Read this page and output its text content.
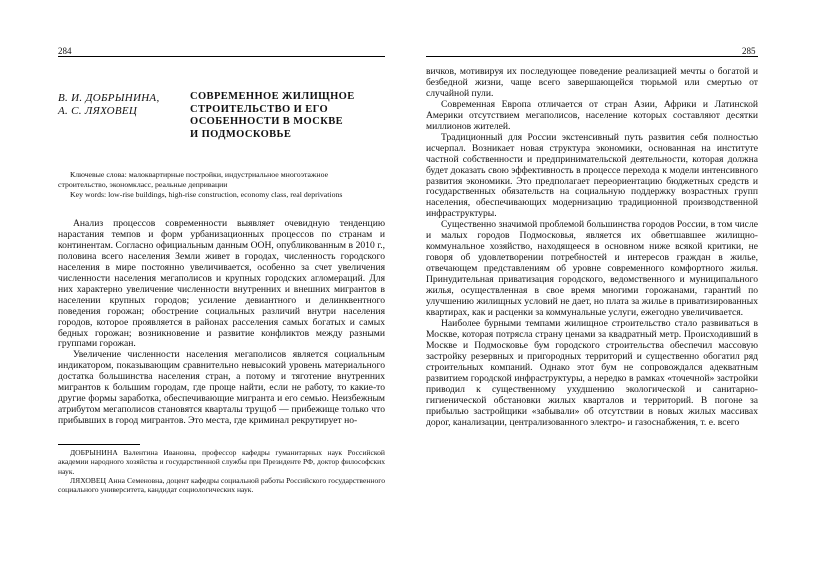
284
В. И. ДОБРЫНИНА,
А. С. ЛЯХОВЕЦ
СОВРЕМЕННОЕ ЖИЛИЩНОЕ
СТРОИТЕЛЬСТВО И ЕГО
ОСОБЕННОСТИ В МОСКВЕ
И ПОДМОСКОВЬЕ

Ключевые слова: малоквартирные постройки, индустриальное многоэтажное строительство, экономкласс, реальные депривации

Key words: low-rise buildings, high-rise construction, economy class, real deprivations

Анализ процессов современности выявляет очевидную тенденцию нарастания темпов и форм урбанизационных процессов по странам и континентам. Согласно официальным данным ООН, опубликованным в 2010 г., половина всего населения Земли живет в городах, численность городского населения в мире постоянно увеличивается, особенно за счет увеличения численности населения мегаполисов и крупных городских агломераций. Для них характерно увеличение численности внутренних и внешних мигрантов в населении крупных городов; усиление девиантного и делинквентного поведения горожан; обострение социальных различий внутри населения городов, которое проявляется в районах расселения самых богатых и самых бедных горожан; возникновение и развитие конфликтов между разными группами горожан.

Увеличение численности населения мегаполисов является социальным индикатором, показывающим сравнительно невысокий уровень материального достатка большинства населения стран, а потому и тяготение внутренних мигрантов к большим городам, где проще найти, если не работу, то какие-то другие формы заработка, обеспечивающие мигранта и его семью. Неизбежным атрибутом мегаполисов становятся кварталы трущоб — прибежище только что прибывших в город мигрантов. Это места, где криминал рекрутирует но-

ДОБРЫНИНА Валентина Ивановна, профессор кафедры гуманитарных наук Российской академии народного хозяйства и государственной службы при Президенте РФ, доктор философских наук.

ЛЯХОВЕЦ Анна Семеновна, доцент кафедры социальной работы Российского государственного социального университета, кандидат социологических наук.

285

вичков, мотивируя их последующее поведение реализацией мечты о богатой и безбедной жизни, чаще всего завершающейся тюрьмой или смертью от случайной пули.

Современная Европа отличается от стран Азии, Африки и Латинской Америки отсутствием мегаполисов, население которых составляют десятки миллионов жителей.

Традиционный для России экстенсивный путь развития себя полностью исчерпал. Возникает новая структура экономики, основанная на институте частной собственности и предпринимательской деятельности, которая должна будет доказать свою эффективность в процессе перехода к модели интенсивного развития экономики. Это предполагает переориентацию бюджетных средств и государственных обязательств на социальную поддержку возрастных групп населения, обеспечивающих модернизацию традиционной производственной инфраструктуры.

Существенно значимой проблемой большинства городов России, в том числе и малых городов Подмосковья, является их обветшавшее жилищно-коммунальное хозяйство, находящееся в основном ниже всякой критики, не говоря об удовлетворении потребностей и интересов граждан в жилье, отвечающем представлениям об уровне современного комфортного жилья. Принудительная приватизация городского, ведомственного и муниципального жилья, осуществленная в свое время многими горожанами, гарантий по улучшению жилищных условий не дает, но плата за жилье в приватизированных квартирах, как и расценки за коммунальные услуги, ежегодно увеличивается.

Наиболее бурными темпами жилищное строительство стало развиваться в Москве, которая потрясла страну ценами за квадратный метр. Происходивший в Москве и Подмосковье бум городского строительства обеспечил массовую застройку резервных и пригородных территорий и существенно обогатил ряд строительных компаний. Однако этот бум не сопровождался адекватным развитием городской инфраструктуры, а нередко в рамках «точечной» застройки приводил к существенному ухудшению экологической и санитарно-гигиенической обстановки жилых кварталов и территорий. В погоне за прибылью застройщики «забывали» об отсутствии в новых жилых массивах дорог, канализации, централизованного электро- и газоснабжения, т. е. всего
